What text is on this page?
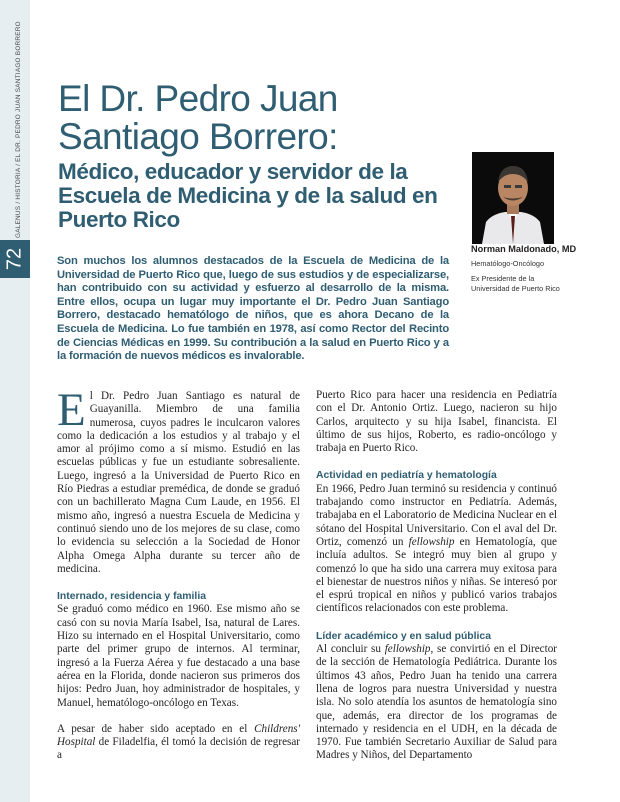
GALENUS / HISTORIA / EL DR. PEDRO JUAN SANTIAGO BORRERO
72
El Dr. Pedro Juan
Santiago Borrero:
Médico, educador y servidor de la Escuela de Medicina y de la salud en Puerto Rico
Norman Maldonado, MD
Hematólogo-Oncólogo
Ex Presidente de la
Universidad de Puerto Rico

Son muchos los alumnos destacados de la Escuela de Medicina de la Universidad de Puerto Rico que, luego de sus estudios y de especializarse, han contribuido con su actividad y esfuerzo al desarrollo de la misma. Entre ellos, ocupa un lugar muy importante el Dr. Pedro Juan Santiago Borrero, destacado hematólogo de niños, que es ahora Decano de la Escuela de Medicina. Lo fue también en 1978, así como Rector del Recinto de Ciencias Médicas en 1999. Su contribución a la salud en Puerto Rico y a la formación de nuevos médicos es invalorable.

El Dr. Pedro Juan Santiago es natural de Guayanilla. Miembro de una familia numerosa, cuyos padres le inculcaron valores como la dedicación a los estudios y al trabajo y el amor al prójimo como a sí mismo. Estudió en las escuelas públicas y fue un estudiante sobresaliente. Luego, ingresó a la Universidad de Puerto Rico en Río Piedras a estudiar premédica, de donde se graduó con un bachillerato Magna Cum Laude, en 1956. El mismo año, ingresó a nuestra Escuela de Medicina y continuó siendo uno de los mejores de su clase, como lo evidencia su selección a la Sociedad de Honor Alpha Omega Alpha durante su tercer año de medicina.

Internado, residencia y familia

Se graduó como médico en 1960. Ese mismo año se casó con su novia María Isabel, Isa, natural de Lares. Hizo su internado en el Hospital Universitario, como parte del primer grupo de internos. Al terminar, ingresó a la Fuerza Aérea y fue destacado a una base aérea en la Florida, donde nacieron sus primeros dos hijos: Pedro Juan, hoy administrador de hospitales, y Manuel, hematólogo-oncólogo en Texas.

A pesar de haber sido aceptado en el Childrens' Hospital de Filadelfia, él tomó la decisión de regresar a

Puerto Rico para hacer una residencia en Pediatría con el Dr. Antonio Ortiz. Luego, nacieron su hijo Carlos, arquitecto y su hija Isabel, financista. El último de sus hijos, Roberto, es radio-oncólogo y trabaja en Puerto Rico.

Actividad en pediatría y hematología

En 1966, Pedro Juan terminó su residencia y continuó trabajando como instructor en Pediatría. Además, trabajaba en el Laboratorio de Medicina Nuclear en el sótano del Hospital Universitario. Con el aval del Dr. Ortiz, comenzó un fellowship en Hematología, que incluía adultos. Se integró muy bien al grupo y comenzó lo que ha sido una carrera muy exitosa para el bienestar de nuestros niños y niñas. Se interesó por el esprú tropical en niños y publicó varios trabajos científicos relacionados con este problema.

Líder académico y en salud pública

Al concluir su fellowship, se convirtió en el Director de la sección de Hematología Pediátrica. Durante los últimos 43 años, Pedro Juan ha tenido una carrera llena de logros para nuestra Universidad y nuestra isla. No solo atendía los asuntos de hematología sino que, además, era director de los programas de internado y residencia en el UDH, en la década de 1970. Fue también Secretario Auxiliar de Salud para Madres y Niños, del Departamento
